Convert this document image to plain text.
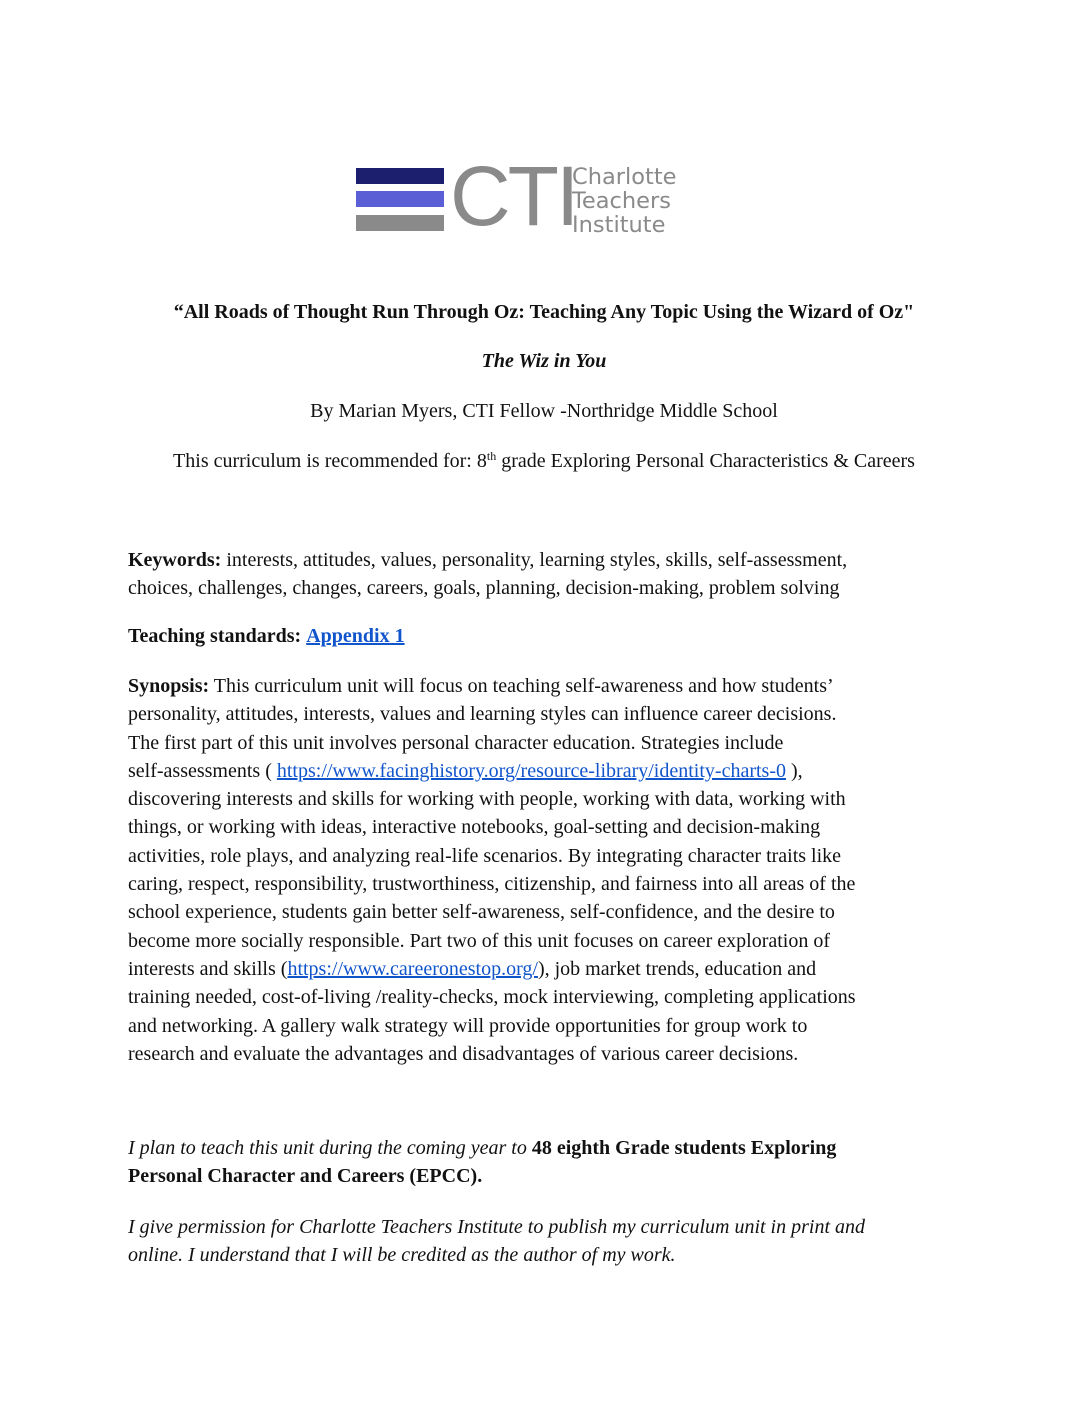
CTI
Charlotte
Teachers
Institute
“All Roads of Thought Run Through Oz: Teaching Any Topic Using the Wizard of Oz"
The Wiz in You
By Marian Myers, CTI Fellow -Northridge Middle School
This curriculum is recommended for: 8th grade Exploring Personal Characteristics & Careers
Keywords: interests, attitudes, values, personality, learning styles, skills, self-assessment,
choices, challenges, changes, careers, goals, planning, decision-making, problem solving
Teaching standards: Appendix 1
Synopsis: This curriculum unit will focus on teaching self-awareness and how students’
personality, attitudes, interests, values and learning styles can influence career decisions.
The first part of this unit involves personal character education. Strategies include
self-assessments ( https://www.facinghistory.org/resource-library/identity-charts-0 ),
discovering interests and skills for working with people, working with data, working with
things, or working with ideas, interactive notebooks, goal-setting and decision-making
activities, role plays, and analyzing real-life scenarios. By integrating character traits like
caring, respect, responsibility, trustworthiness, citizenship, and fairness into all areas of the
school experience, students gain better self-awareness, self-confidence, and the desire to
become more socially responsible. Part two of this unit focuses on career exploration of
interests and skills (https://www.careeronestop.org/), job market trends, education and
training needed, cost-of-living /reality-checks, mock interviewing, completing applications
and networking. A gallery walk strategy will provide opportunities for group work to
research and evaluate the advantages and disadvantages of various career decisions.
I plan to teach this unit during the coming year to 48 eighth Grade students Exploring
Personal Character and Careers (EPCC).
I give permission for Charlotte Teachers Institute to publish my curriculum unit in print and
online. I understand that I will be credited as the author of my work.
